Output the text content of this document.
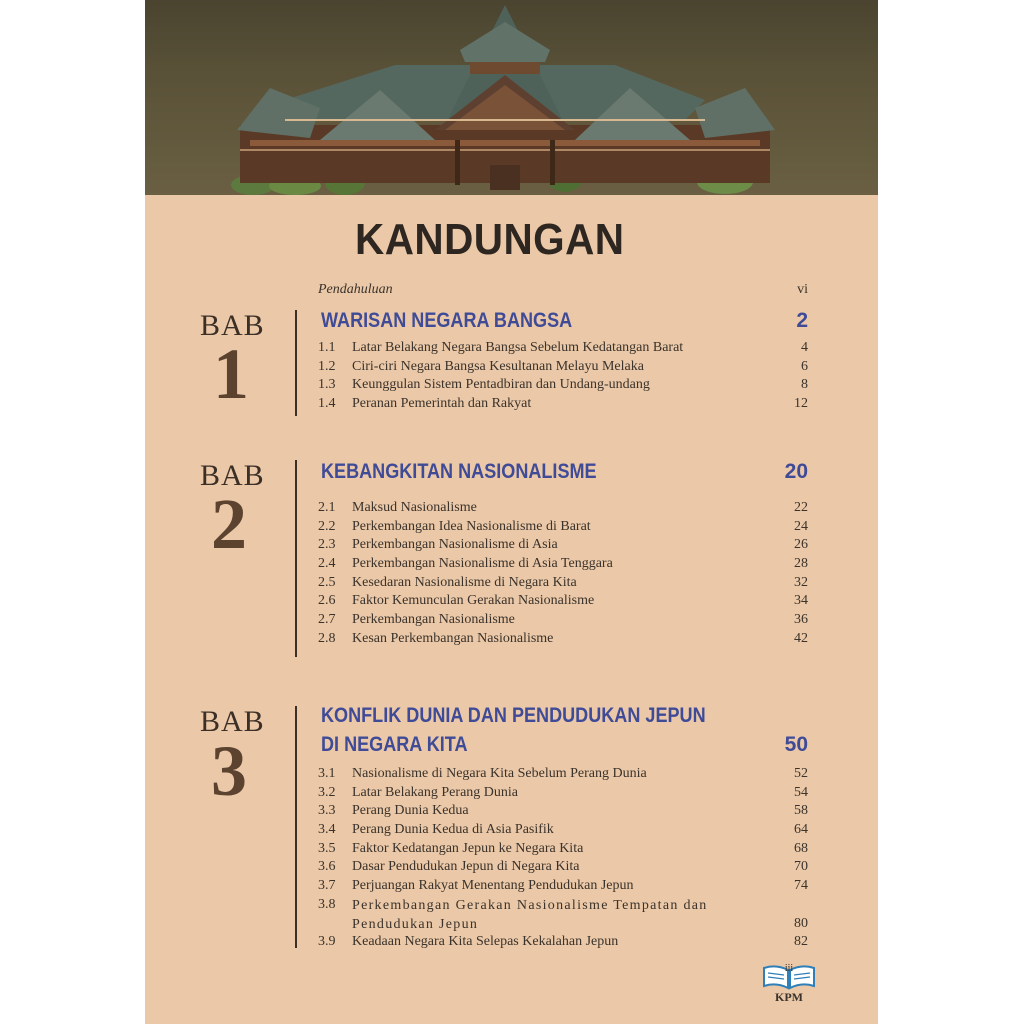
KANDUNGAN
Pendahuluan	vi
BAB
1
WARISAN NEGARA BANGSA	2
1.1 Latar Belakang Negara Bangsa Sebelum Kedatangan Barat	4
1.2 Ciri-ciri Negara Bangsa Kesultanan Melayu Melaka	6
1.3 Keunggulan Sistem Pentadbiran dan Undang-undang	8
1.4 Peranan Pemerintah dan Rakyat	12
BAB
2
KEBANGKITAN NASIONALISME	20
2.1 Maksud Nasionalisme	22
2.2 Perkembangan Idea Nasionalisme di Barat	24
2.3 Perkembangan Nasionalisme di Asia	26
2.4 Perkembangan Nasionalisme di Asia Tenggara	28
2.5 Kesedaran Nasionalisme di Negara Kita	32
2.6 Faktor Kemunculan Gerakan Nasionalisme	34
2.7 Perkembangan Nasionalisme	36
2.8 Kesan Perkembangan Nasionalisme	42
BAB
3
KONFLIK DUNIA DAN PENDUDUKAN JEPUN
DI NEGARA KITA	50
3.1 Nasionalisme di Negara Kita Sebelum Perang Dunia	52
3.2 Latar Belakang Perang Dunia	54
3.3 Perang Dunia Kedua	58
3.4 Perang Dunia Kedua di Asia Pasifik	64
3.5 Faktor Kedatangan Jepun ke Negara Kita	68
3.6 Dasar Pendudukan Jepun di Negara Kita	70
3.7 Perjuangan Rakyat Menentang Pendudukan Jepun	74
3.8 Perkembangan Gerakan Nasionalisme Tempatan dan Pendudukan Jepun	80
3.9 Keadaan Negara Kita Selepas Kekalahan Jepun	82
iii
KPM
